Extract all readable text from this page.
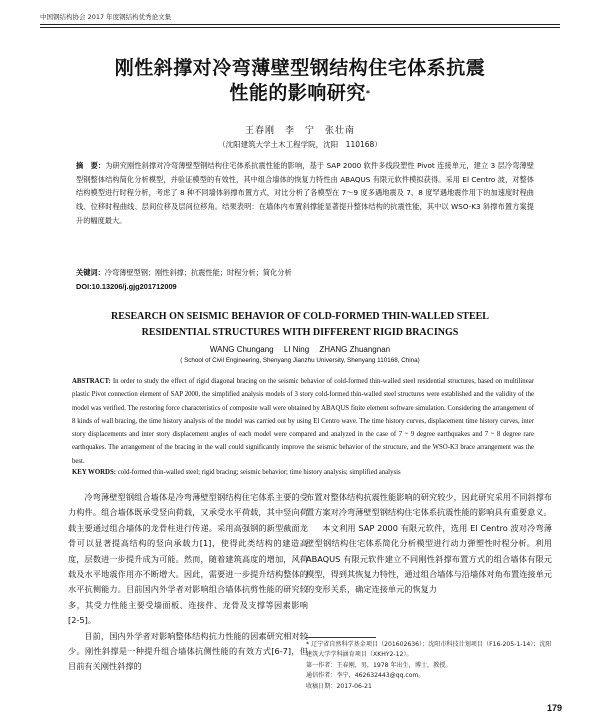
中国钢结构协会 2017 年度钢结构优秀论文集
刚性斜撑对冷弯薄壁型钢结构住宅体系抗震
性能的影响研究*
王春刚　李　宁　张壮南
（沈阳建筑大学土木工程学院，沈阳　110168）
摘　要：为研究刚性斜撑对冷弯薄壁型钢结构住宅体系抗震性能的影响，基于 SAP 2000 软件多线段塑性 Pivot 连接单元，建立 3 层冷弯薄壁型钢整体结构简化分析模型，并验证模型的有效性，其中组合墙体的恢复力特性由 ABAQUS 有限元软件模拟获得。采用 El Centro 波，对整体结构模型进行时程分析，考虑了 8 种不同墙体斜撑布置方式，对比分析了各模型在 7～9 度多遇地震及 7、8 度罕遇地震作用下的加速度时程曲线、位移时程曲线、层间位移及层间位移角。结果表明：在墙体内布置斜撑能显著提升整体结构的抗震性能，其中以 WSO-K3 斜撑布置方案提升的幅度最大。
关键词：冷弯薄壁型钢；刚性斜撑；抗震性能；时程分析；简化分析
DOI:10.13206/j.gjg201712009
RESEARCH ON SEISMIC BEHAVIOR OF COLD-FORMED THIN-WALLED STEEL
RESIDENTIAL STRUCTURES WITH DIFFERENT RIGID BRACINGS
WANG Chungang　 LI Ning　 ZHANG Zhuangnan
( School of Civil Engineering, Shenyang Jianzhu University, Shenyang 110168, China)
ABSTRACT: In order to study the effect of rigid diagonal bracing on the seismic behavior of cold-formed thin-walled steel residential structures, based on multilinear plastic Pivot connection element of SAP 2000, the simplified analysis models of 3 story cold-formed thin-walled steel structures were established and the validity of the model was verified. The restoring force characteristics of composite wall were obtained by ABAQUS finite element software simulation. Considering the arrangement of 8 kinds of wall bracing, the time history analysis of the model was carried out by using El Centro wave. The time history curves, displacement time history curves, inter story displacements and inter story displacement angles of each model were compared and analyzed in the case of 7 ~ 9 degree earthquakes and 7 ~ 8 degree rare earthquakes. The arrangement of the bracing in the wall could significantly improve the seismic behavior of the structure, and the WSO-K3 brace arrangement was the best.
KEY WORDS: cold-formed thin-walled steel; rigid bracing; seismic behavior; time history analysis; simplified analysis

冷弯薄壁型钢组合墙体是冷弯薄壁型钢结构住宅体系主要的受力构件。组合墙体既承受竖向荷载，又承受水平荷载，其中竖向荷载主要通过组合墙体的龙骨柱进行传递。采用高强钢的新型截面龙骨可以显著提高结构的竖向承载力[1]，使得此类结构的建造高度，层数进一步提升成为可能。然而，随着建筑高度的增加，风荷载及水平地震作用亦不断增大。因此，需要进一步提升结构整体的水平抗侧能力。目前国内外学者对影响组合墙体抗剪性能的研究较多，其受力性能主要受墙面板、连接件、龙骨及支撑等因素影响[2-5]。

目前，国内外学者对影响整体结构抗力性能的因素研究相对较少。刚性斜撑是一种提升组合墙体抗侧性能的有效方式[6-7]，但目前有关刚性斜撑的

布置对整体结构抗震性能影响的研究较少，因此研究采用不同斜撑布置方案对冷弯薄壁型钢结构住宅体系抗震性能的影响具有重要意义。

本文利用 SAP 2000 有限元软件，选用 El Centro 波对冷弯薄壁型钢结构住宅体系简化分析模型进行动力弹塑性时程分析。利用 ABAQUS 有限元软件建立不同刚性斜撑布置方式的组合墙体有限元模型，得到其恢复力特性，通过组合墙体与沿墙体对角布置连接单元的变形关系，确定连接单元的恢复力

* 辽宁省自然科学基金项目（201602636）；沈阳市科技计划项目（F16-205-1-14）；沈阳建筑大学学科涵育项目（XKHY2-12）。
第一作者：王春刚，男，1978 年出生，博士，教授。
通信作者：李宁，462632443@qq.com。
收稿日期：2017-06-21
179
